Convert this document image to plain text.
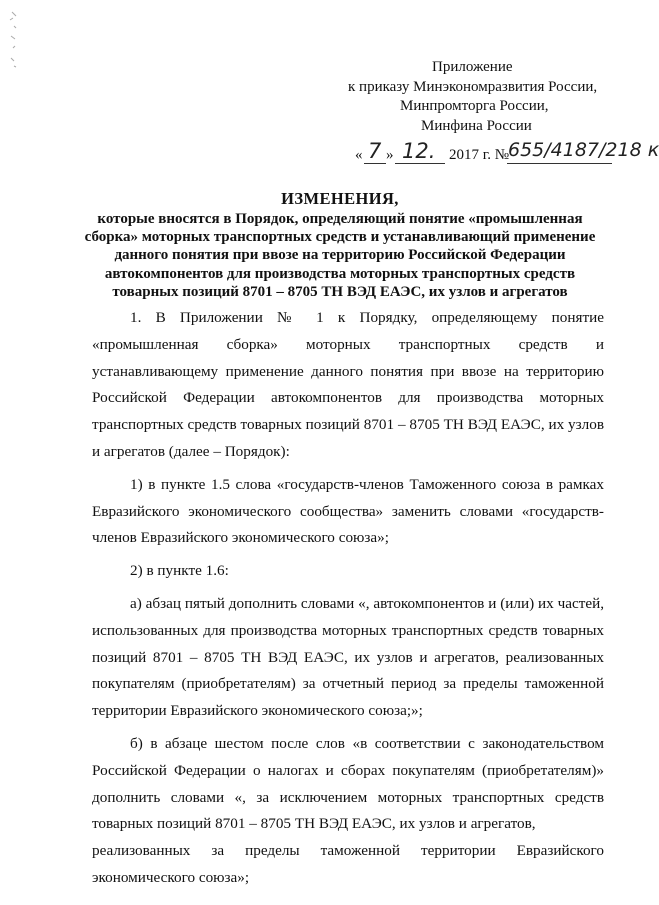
Приложение
к приказу Минэкономразвития России,
Минпромторга России,
Минфина России
« 7 » 12. 2017 г. №
655/4187/218 к
ИЗМЕНЕНИЯ,
которые вносятся в Порядок, определяющий понятие «промышленная
сборка» моторных транспортных средств и устанавливающий применение
данного понятия при ввозе на территорию Российской Федерации
автокомпонентов для производства моторных транспортных средств
товарных позиций 8701 – 8705 ТН ВЭД ЕАЭС, их узлов и агрегатов
1. В Приложении № 1 к Порядку, определяющему понятие «промышленная сборка» моторных транспортных средств и устанавливающему применение данного понятия при ввозе на территорию Российской Федерации автокомпонентов для производства моторных транспортных средств товарных позиций 8701 – 8705 ТН ВЭД ЕАЭС, их узлов и агрегатов (далее – Порядок):
1) в пункте 1.5 слова «государств-членов Таможенного союза в рамках Евразийского экономического сообщества» заменить словами «государств-членов Евразийского экономического союза»;
2) в пункте 1.6:
а) абзац пятый дополнить словами «, автокомпонентов и (или) их частей, использованных для производства моторных транспортных средств товарных позиций 8701 – 8705 ТН ВЭД ЕАЭС, их узлов и агрегатов, реализованных покупателям (приобретателям) за отчетный период за пределы таможенной территории Евразийского экономического союза;»;
б) в абзаце шестом после слов «в соответствии с законодательством Российской Федерации о налогах и сборах покупателям (приобретателям)» дополнить словами «, за исключением моторных транспортных средств товарных позиций 8701 – 8705 ТН ВЭД ЕАЭС, их узлов и агрегатов,
реализованных за пределы таможенной территории Евразийского
экономического союза»;
